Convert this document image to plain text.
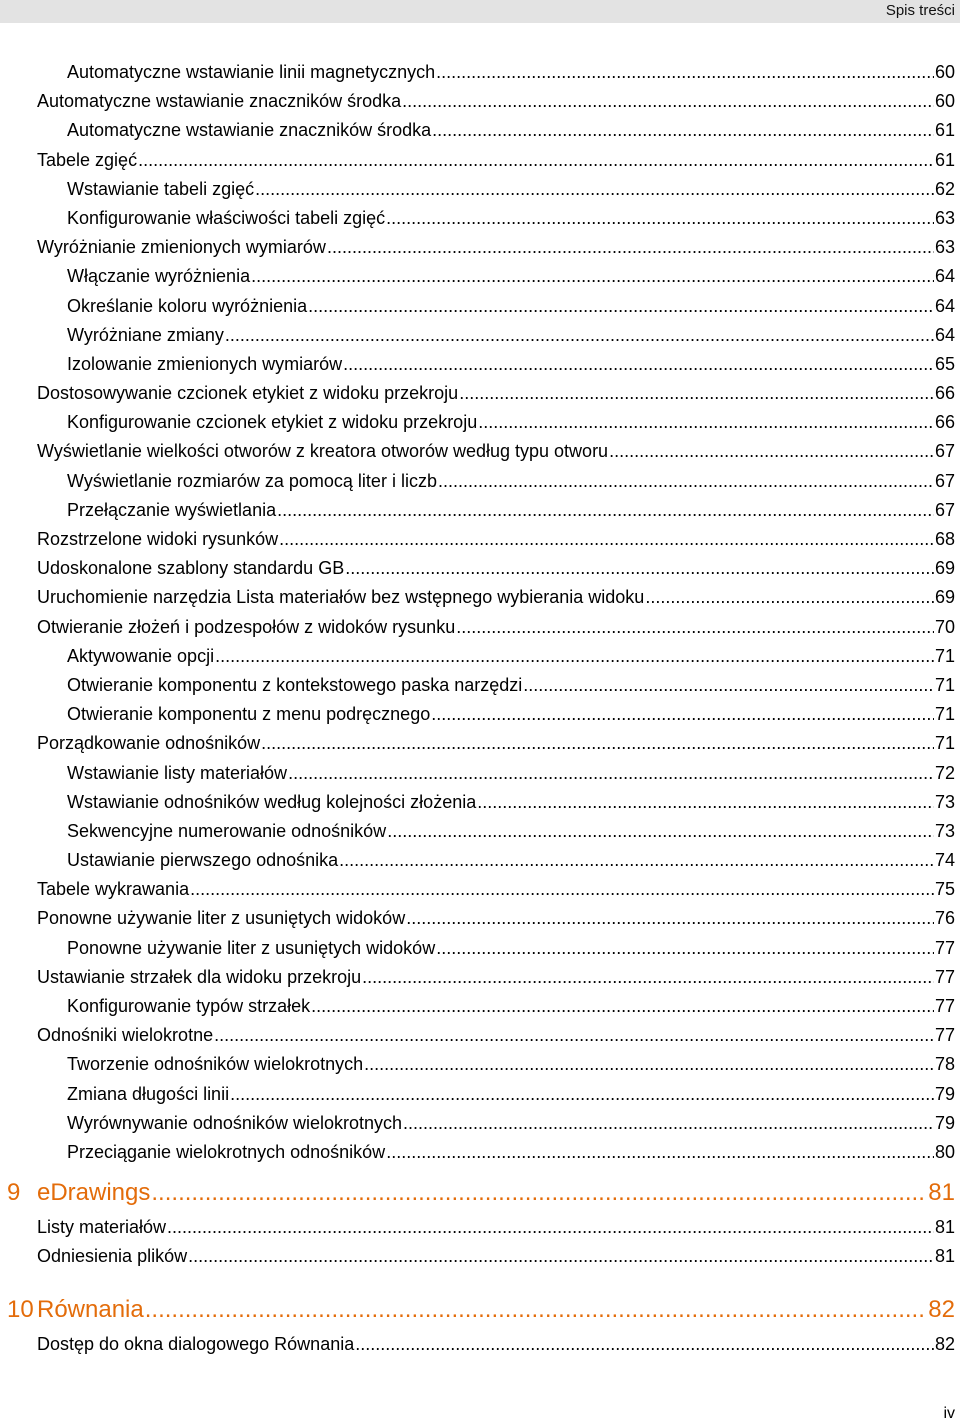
Spis treści
Automatyczne wstawianie linii magnetycznych .....	60
Automatyczne wstawianie znaczników środka .....	60
Automatyczne wstawianie znaczników środka .....	61
Tabele zgięć .....	61
Wstawianie tabeli zgięć .....	62
Konfigurowanie właściwości tabeli zgięć .....	63
Wyróżnianie zmienionych wymiarów .....	63
Włączanie wyróżnienia .....	64
Określanie koloru wyróżnienia .....	64
Wyróżniane zmiany .....	64
Izolowanie zmienionych wymiarów .....	65
Dostosowywanie czcionek etykiet z widoku przekroju .....	66
Konfigurowanie czcionek etykiet z widoku przekroju .....	66
Wyświetlanie wielkości otworów z kreatora otworów według typu otworu .....	67
Wyświetlanie rozmiarów za pomocą liter i liczb .....	67
Przełączanie wyświetlania .....	67
Rozstrzelone widoki rysunków .....	68
Udoskonalone szablony standardu GB .....	69
Uruchomienie narzędzia Lista materiałów bez wstępnego wybierania widoku .....	69
Otwieranie złożeń i podzespołów z widoków rysunku .....	70
Aktywowanie opcji .....	71
Otwieranie komponentu z kontekstowego paska narzędzi .....	71
Otwieranie komponentu z menu podręcznego .....	71
Porządkowanie odnośników .....	71
Wstawianie listy materiałów .....	72
Wstawianie odnośników według kolejności złożenia .....	73
Sekwencyjne numerowanie odnośników .....	73
Ustawianie pierwszego odnośnika .....	74
Tabele wykrawania .....	75
Ponowne używanie liter z usuniętych widoków .....	76
Ponowne używanie liter z usuniętych widoków .....	77
Ustawianie strzałek dla widoku przekroju .....	77
Konfigurowanie typów strzałek .....	77
Odnośniki wielokrotne .....	77
Tworzenie odnośników wielokrotnych .....	78
Zmiana długości linii .....	79
Wyrównywanie odnośników wielokrotnych .....	79
Przeciąganie wielokrotnych odnośników .....	80
9 eDrawings .....	81
Listy materiałów .....	81
Odniesienia plików .....	81
10 Równania .....	82
Dostęp do okna dialogowego Równania .....	82
iv
